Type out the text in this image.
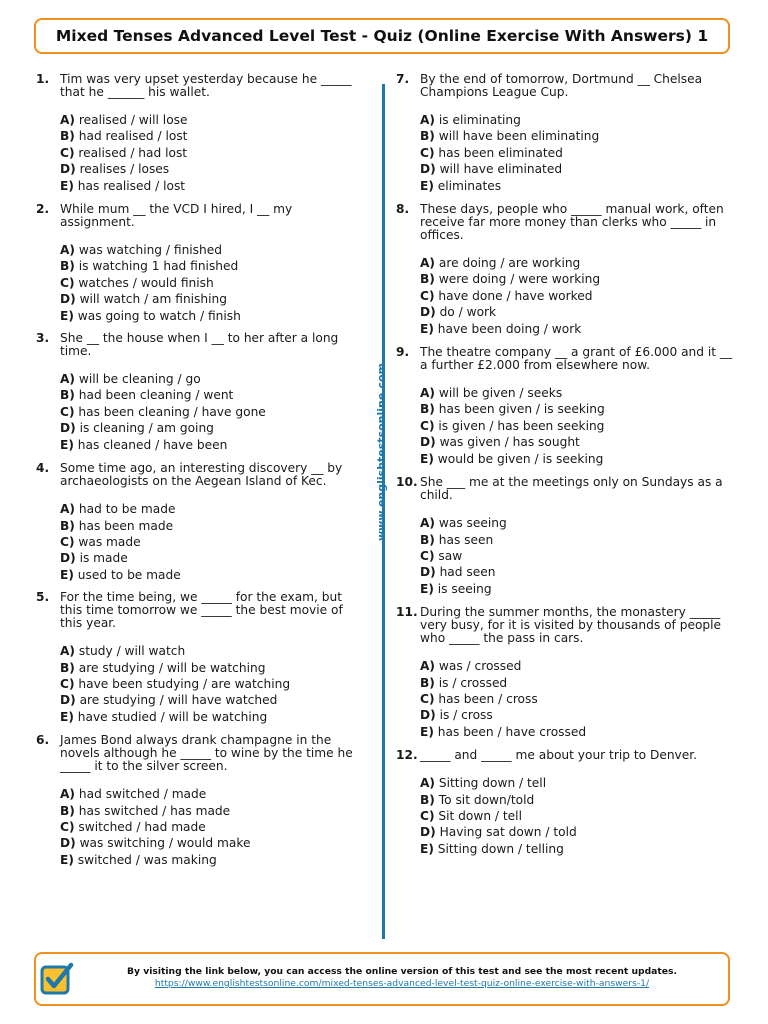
Mixed Tenses Advanced Level Test - Quiz (Online Exercise With Answers) 1
1. Tim was very upset yesterday because he _____ that he ______ his wallet.
A) realised / will lose
B) had realised / lost
C) realised / had lost
D) realises / loses
E) has realised / lost
2. While mum __ the VCD I hired, I __ my assignment.
A) was watching / finished
B) is watching 1 had finished
C) watches / would finish
D) will watch / am finishing
E) was going to watch / finish
3. She __ the house when I __ to her after a long time.
A) will be cleaning / go
B) had been cleaning / went
C) has been cleaning / have gone
D) is cleaning / am going
E) has cleaned / have been
4. Some time ago, an interesting discovery __ by archaeologists on the Aegean Island of Kec.
A) had to be made
B) has been made
C) was made
D) is made
E) used to be made
5. For the time being, we _____ for the exam, but this time tomorrow we _____ the best movie of this year.
A) study / will watch
B) are studying / will be watching
C) have been studying / are watching
D) are studying / will have watched
E) have studied / will be watching
6. James Bond always drank champagne in the novels although he _____ to wine by the time he _____ it to the silver screen.
A) had switched / made
B) has switched / has made
C) switched / had made
D) was switching / would make
E) switched / was making
www.englishtestsonline.com
7. By the end of tomorrow, Dortmund __ Chelsea Champions League Cup.
A) is eliminating
B) will have been eliminating
C) has been eliminated
D) will have eliminated
E) eliminates
8. These days, people who _____ manual work, often receive far more money than clerks who _____ in offices.
A) are doing / are working
B) were doing / were working
C) have done / have worked
D) do / work
E) have been doing / work
9. The theatre company __ a grant of £6.000 and it __ a further £2.000 from elsewhere now.
A) will be given / seeks
B) has been given / is seeking
C) is given / has been seeking
D) was given / has sought
E) would be given / is seeking
10. She ___ me at the meetings only on Sundays as a child.
A) was seeing
B) has seen
C) saw
D) had seen
E) is seeing
11. During the summer months, the monastery _____ very busy, for it is visited by thousands of people who _____ the pass in cars.
A) was / crossed
B) is / crossed
C) has been / cross
D) is / cross
E) has been / have crossed
12. _____ and _____ me about your trip to Denver.
A) Sitting down / tell
B) To sit down/told
C) Sit down / tell
D) Having sat down / told
E) Sitting down / telling
By visiting the link below, you can access the online version of this test and see the most recent updates.
https://www.englishtestsonline.com/mixed-tenses-advanced-level-test-quiz-online-exercise-with-answers-1/
